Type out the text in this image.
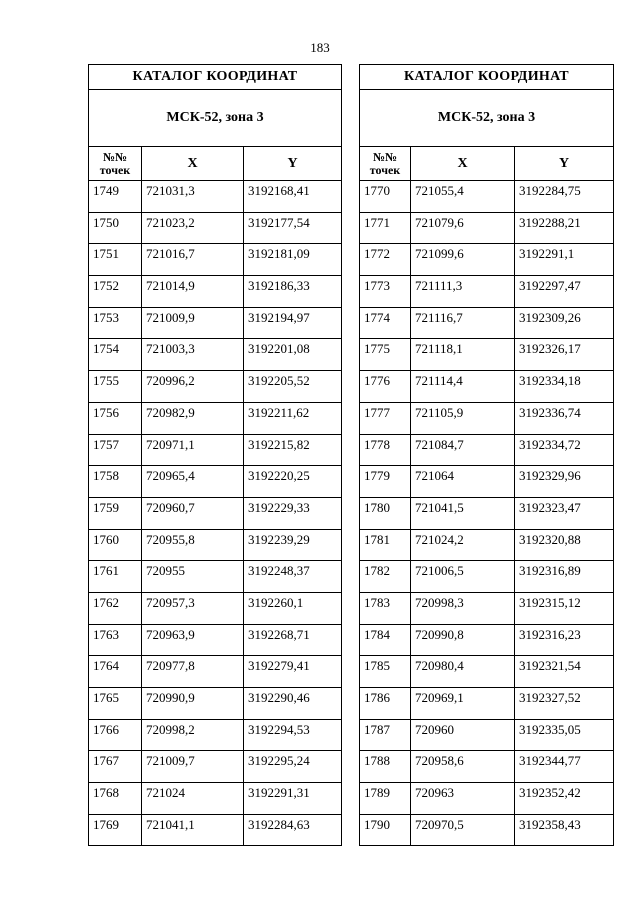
183
КАТАЛОГ КООРДИНАТ		
МСК-52, зона 3		

№№
точек	X	Y
1749	721031,3	3192168,41
1750	721023,2	3192177,54
1751	721016,7	3192181,09
1752	721014,9	3192186,33
1753	721009,9	3192194,97
1754	721003,3	3192201,08
1755	720996,2	3192205,52
1756	720982,9	3192211,62
1757	720971,1	3192215,82
1758	720965,4	3192220,25
1759	720960,7	3192229,33
1760	720955,8	3192239,29
1761	720955	3192248,37
1762	720957,3	3192260,1
1763	720963,9	3192268,71
1764	720977,8	3192279,41
1765	720990,9	3192290,46
1766	720998,2	3192294,53
1767	721009,7	3192295,24
1768	721024	3192291,31
1769	721041,1	3192284,63
КАТАЛОГ КООРДИНАТ		
МСК-52, зона 3		

№№
точек	X	Y
1770	721055,4	3192284,75
1771	721079,6	3192288,21
1772	721099,6	3192291,1
1773	721111,3	3192297,47
1774	721116,7	3192309,26
1775	721118,1	3192326,17
1776	721114,4	3192334,18
1777	721105,9	3192336,74
1778	721084,7	3192334,72
1779	721064	3192329,96
1780	721041,5	3192323,47
1781	721024,2	3192320,88
1782	721006,5	3192316,89
1783	720998,3	3192315,12
1784	720990,8	3192316,23
1785	720980,4	3192321,54
1786	720969,1	3192327,52
1787	720960	3192335,05
1788	720958,6	3192344,77
1789	720963	3192352,42
1790	720970,5	3192358,43
